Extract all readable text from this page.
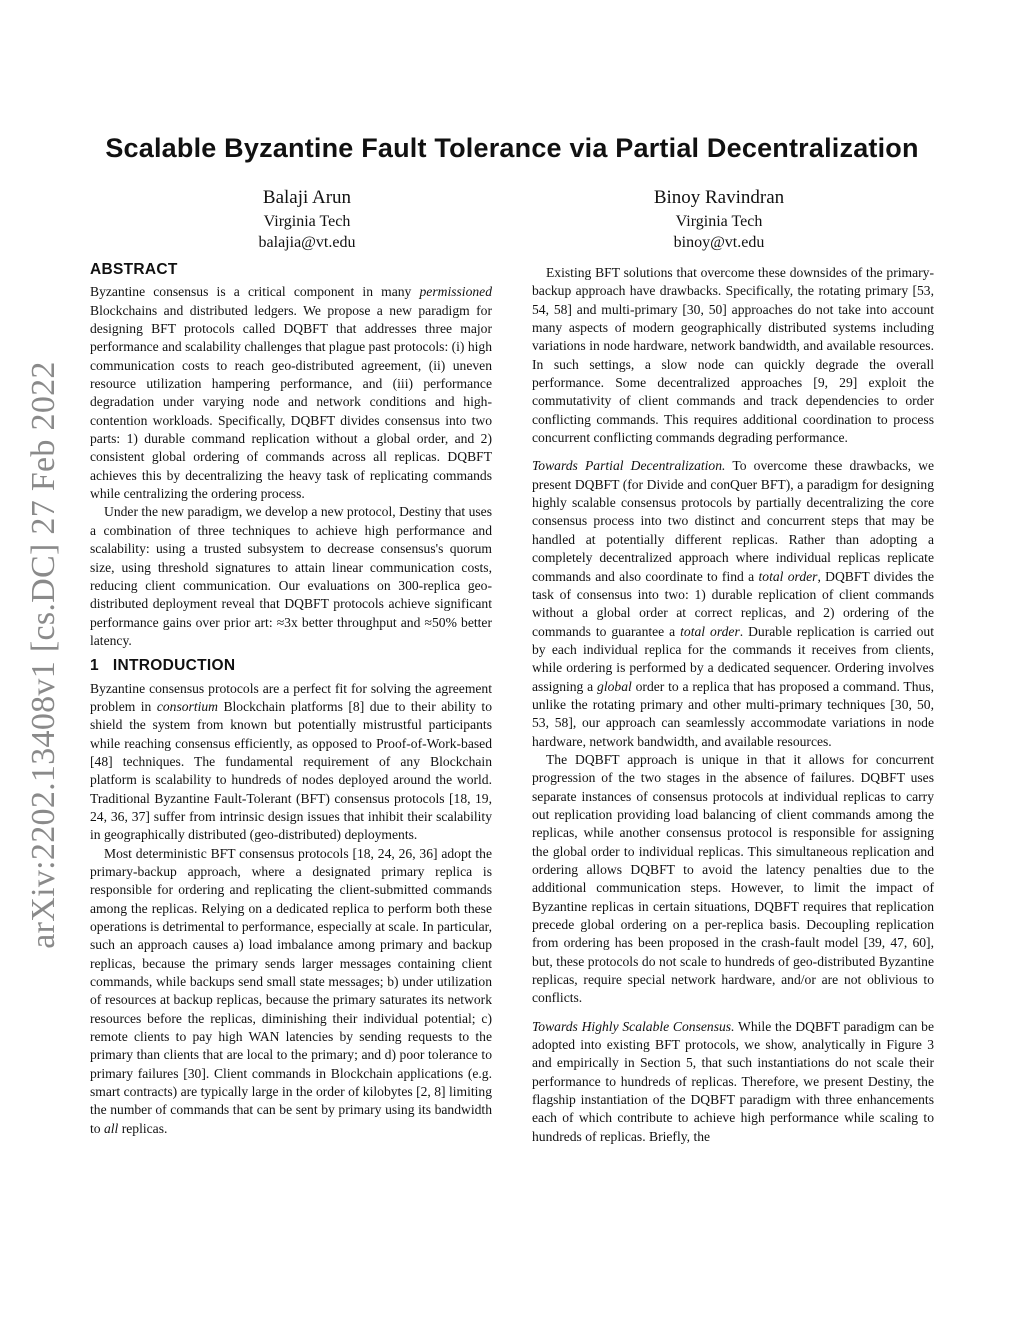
arXiv:2202.13408v1 [cs.DC] 27 Feb 2022
Scalable Byzantine Fault Tolerance via Partial Decentralization
Balaji Arun
Virginia Tech
balajia@vt.edu
Binoy Ravindran
Virginia Tech
binoy@vt.edu
ABSTRACT

Byzantine consensus is a critical component in many permissioned Blockchains and distributed ledgers. We propose a new paradigm for designing BFT protocols called DQBFT that addresses three major performance and scalability challenges that plague past protocols: (i) high communication costs to reach geo-distributed agreement, (ii) uneven resource utilization hampering performance, and (iii) performance degradation under varying node and network conditions and high-contention workloads. Specifically, DQBFT divides consensus into two parts: 1) durable command replication without a global order, and 2) consistent global ordering of commands across all replicas. DQBFT achieves this by decentralizing the heavy task of replicating commands while centralizing the ordering process.

Under the new paradigm, we develop a new protocol, Destiny that uses a combination of three techniques to achieve high performance and scalability: using a trusted subsystem to decrease consensus's quorum size, using threshold signatures to attain linear communication costs, reducing client communication. Our evaluations on 300-replica geo-distributed deployment reveal that DQBFT protocols achieve significant performance gains over prior art: ≈3x better throughput and ≈50% better latency.

1 INTRODUCTION

Byzantine consensus protocols are a perfect fit for solving the agreement problem in consortium Blockchain platforms [8] due to their ability to shield the system from known but potentially mistrustful participants while reaching consensus efficiently, as opposed to Proof-of-Work-based [48] techniques. The fundamental requirement of any Blockchain platform is scalability to hundreds of nodes deployed around the world. Traditional Byzantine Fault-Tolerant (BFT) consensus protocols [18, 19, 24, 36, 37] suffer from intrinsic design issues that inhibit their scalability in geographically distributed (geo-distributed) deployments.

Most deterministic BFT consensus protocols [18, 24, 26, 36] adopt the primary-backup approach, where a designated primary replica is responsible for ordering and replicating the client-submitted commands among the replicas. Relying on a dedicated replica to perform both these operations is detrimental to performance, especially at scale. In particular, such an approach causes a) load imbalance among primary and backup replicas, because the primary sends larger messages containing client commands, while backups send small state messages; b) under utilization of resources at backup replicas, because the primary saturates its network resources before the replicas, diminishing their individual potential; c) remote clients to pay high WAN latencies by sending requests to the primary than clients that are local to the primary; and d) poor tolerance to primary failures [30]. Client commands in Blockchain applications (e.g. smart contracts) are typically large in the order of kilobytes [2, 8] limiting the number of commands that can be sent by primary using its bandwidth to all replicas.

Existing BFT solutions that overcome these downsides of the primary-backup approach have drawbacks. Specifically, the rotating primary [53, 54, 58] and multi-primary [30, 50] approaches do not take into account many aspects of modern geographically distributed systems including variations in node hardware, network bandwidth, and available resources. In such settings, a slow node can quickly degrade the overall performance. Some decentralized approaches [9, 29] exploit the commutativity of client commands and track dependencies to order conflicting commands. This requires additional coordination to process concurrent conflicting commands degrading performance.

Towards Partial Decentralization. To overcome these drawbacks, we present DQBFT (for Divide and conQuer BFT), a paradigm for designing highly scalable consensus protocols by partially decentralizing the core consensus process into two distinct and concurrent steps that may be handled at potentially different replicas. Rather than adopting a completely decentralized approach where individual replicas replicate commands and also coordinate to find a total order, DQBFT divides the task of consensus into two: 1) durable replication of client commands without a global order at correct replicas, and 2) ordering of the commands to guarantee a total order. Durable replication is carried out by each individual replica for the commands it receives from clients, while ordering is performed by a dedicated sequencer. Ordering involves assigning a global order to a replica that has proposed a command. Thus, unlike the rotating primary and other multi-primary techniques [30, 50, 53, 58], our approach can seamlessly accommodate variations in node hardware, network bandwidth, and available resources.

The DQBFT approach is unique in that it allows for concurrent progression of the two stages in the absence of failures. DQBFT uses separate instances of consensus protocols at individual replicas to carry out replication providing load balancing of client commands among the replicas, while another consensus protocol is responsible for assigning the global order to individual replicas. This simultaneous replication and ordering allows DQBFT to avoid the latency penalties due to the additional communication steps. However, to limit the impact of Byzantine replicas in certain situations, DQBFT requires that replication precede global ordering on a per-replica basis. Decoupling replication from ordering has been proposed in the crash-fault model [39, 47, 60], but, these protocols do not scale to hundreds of geo-distributed Byzantine replicas, require special network hardware, and/or are not oblivious to conflicts.

Towards Highly Scalable Consensus. While the DQBFT paradigm can be adopted into existing BFT protocols, we show, analytically in Figure 3 and empirically in Section 5, that such instantiations do not scale their performance to hundreds of replicas. Therefore, we present Destiny, the flagship instantiation of the DQBFT paradigm with three enhancements each of which contribute to achieve high performance while scaling to hundreds of replicas. Briefly, the
